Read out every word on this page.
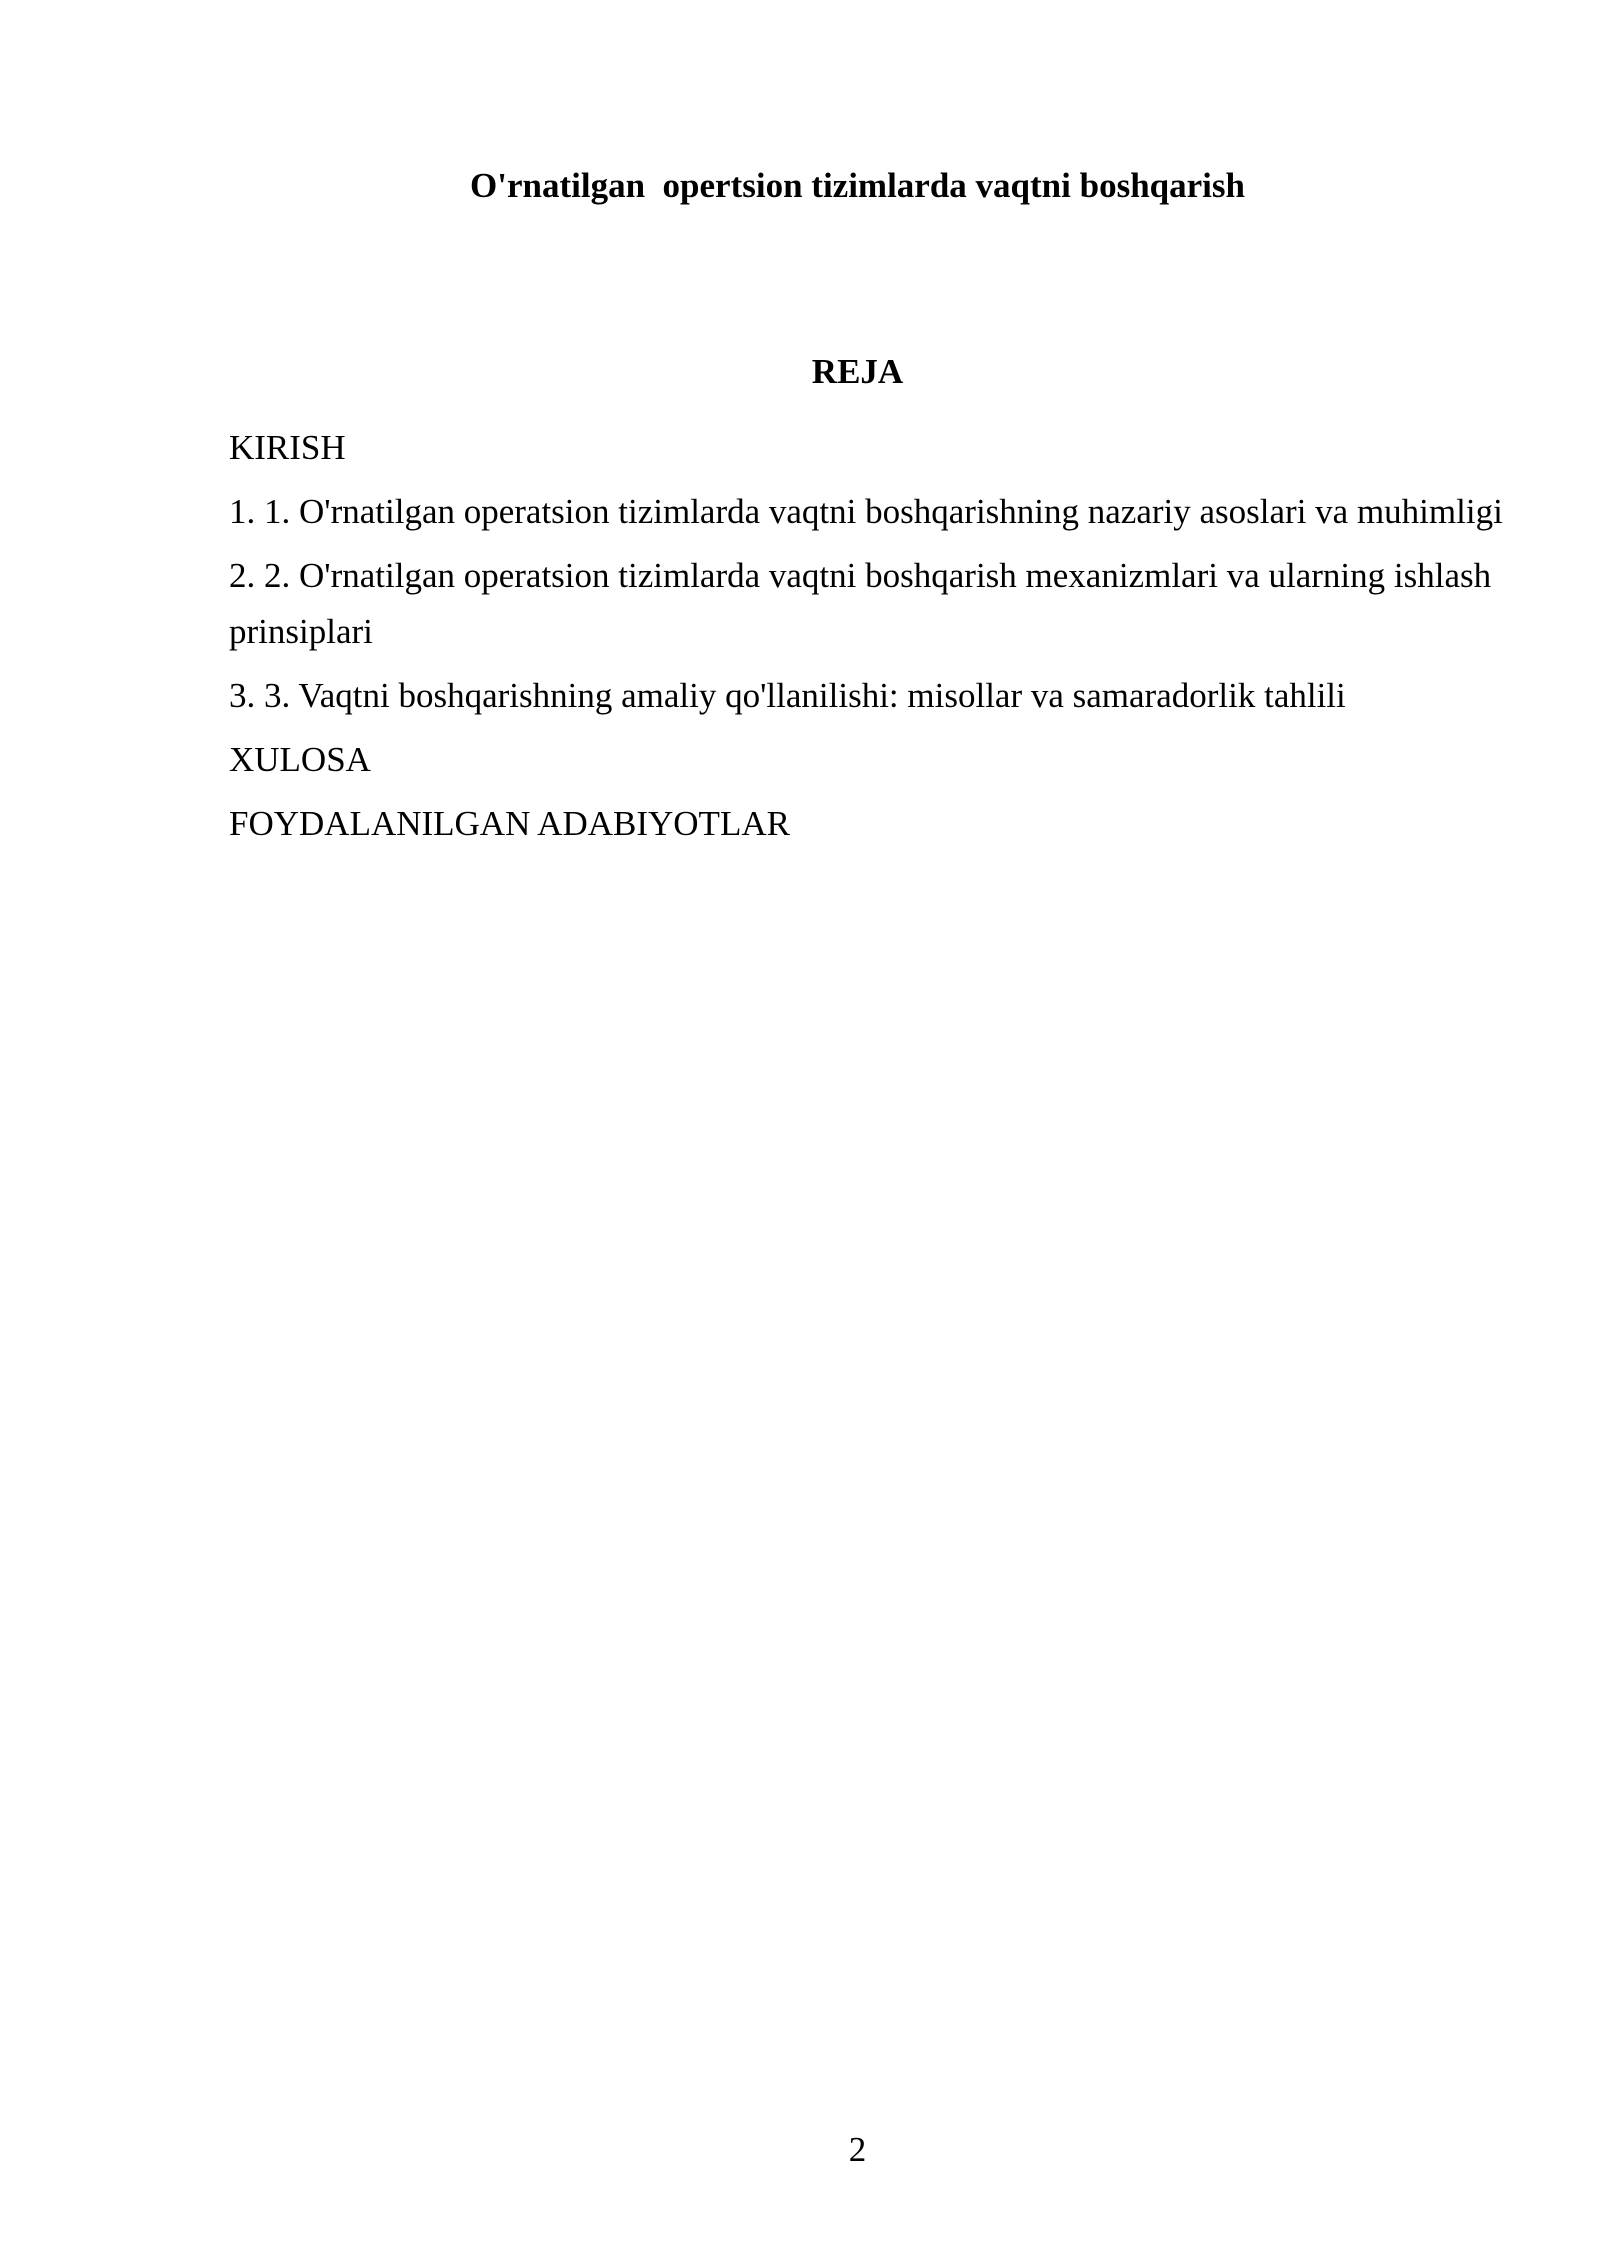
O'rnatilgan  opertsion tizimlarda vaqtni boshqarish
REJA
KIRISH
1. 1. O'rnatilgan operatsion tizimlarda vaqtni boshqarishning nazariy asoslari va muhimligi
2. 2. O'rnatilgan operatsion tizimlarda vaqtni boshqarish mexanizmlari va ularning ishlash prinsiplari
3. 3. Vaqtni boshqarishning amaliy qo'llanilishi: misollar va samaradorlik tahlili
XULOSA
FOYDALANILGAN ADABIYOTLAR
2
